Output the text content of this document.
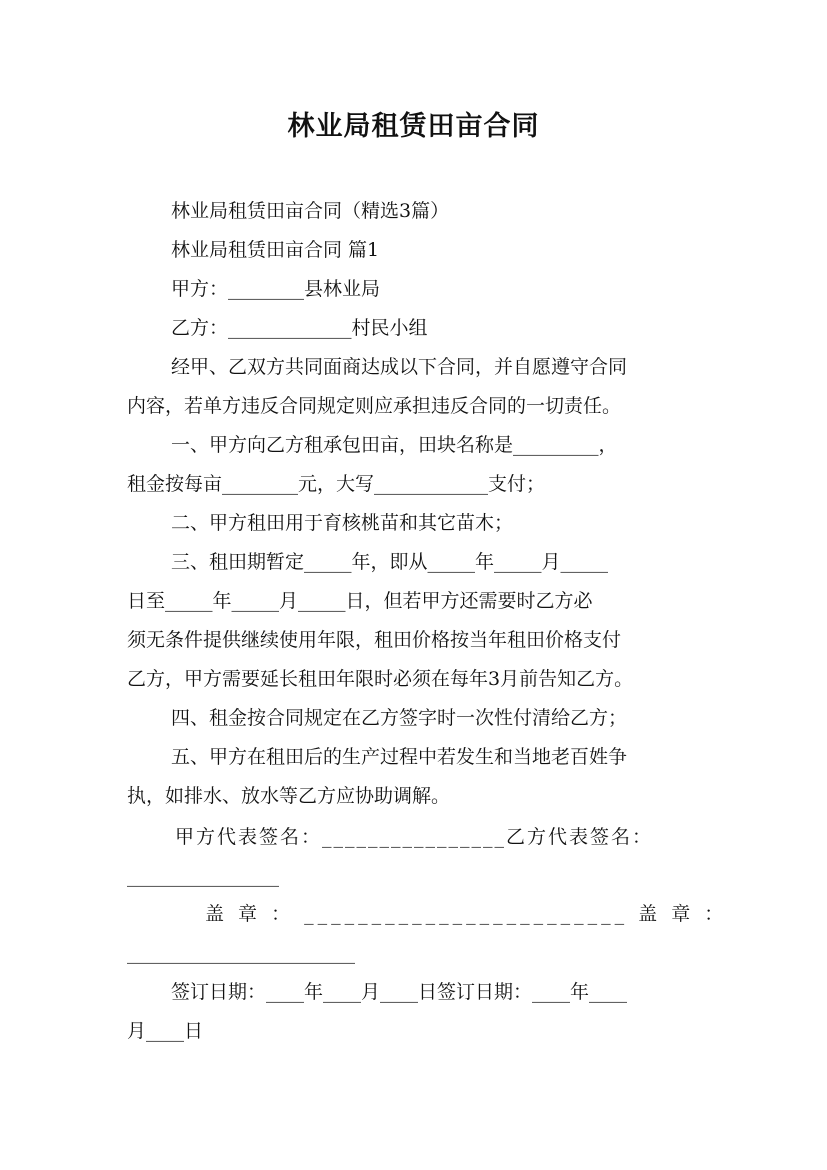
林业局租赁田亩合同
林业局租赁田亩合同（精选3篇）
林业局租赁田亩合同 篇1
甲方：________县林业局
乙方：_____________村民小组
经甲、乙双方共同面商达成以下合同，并自愿遵守合同
内容，若单方违反合同规定则应承担违反合同的一切责任。
一、甲方向乙方租承包田亩，田块名称是_________，
租金按每亩________元，大写____________支付；
二、甲方租田用于育核桃苗和其它苗木；
三、租田期暂定_____年，即从_____年_____月_____
日至_____年_____月_____日，但若甲方还需要时乙方必
须无条件提供继续使用年限，租田价格按当年租田价格支付
乙方，甲方需要延长租田年限时必须在每年3月前告知乙方。
四、租金按合同规定在乙方签字时一次性付清给乙方；
五、甲方在租田后的生产过程中若发生和当地老百姓争
执，如排水、放水等乙方应协助调解。
甲方代表签名：________________乙方代表签名：
________________
盖 章 ： ________________________ 盖 章 ：
________________________
签订日期：____年____月____日签订日期：____年____
月____日
